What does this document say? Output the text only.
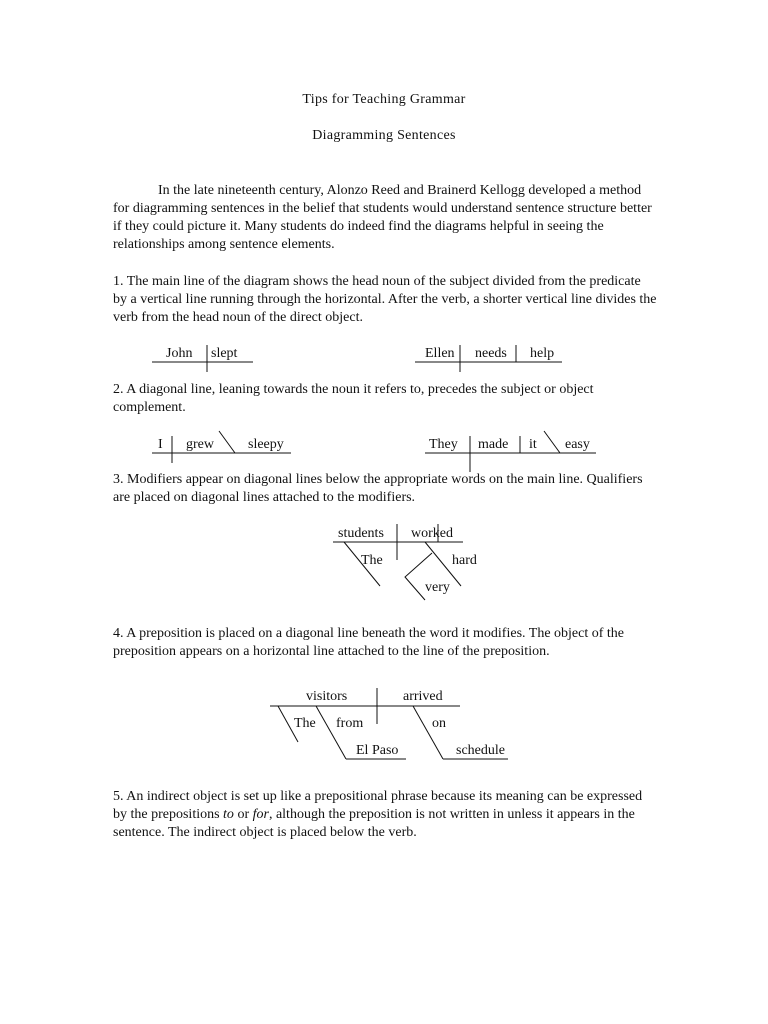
Tips for Teaching Grammar
Diagramming Sentences
In the late nineteenth century, Alonzo Reed and Brainerd Kellogg developed a method for diagramming sentences in the belief that students would understand sentence structure better if they could picture it. Many students do indeed find the diagrams helpful in seeing the relationships among sentence elements.
1. The main line of the diagram shows the head noun of the subject divided from the predicate by a vertical line running through the horizontal. After the verb, a shorter vertical line divides the verb from the head noun of the direct object.
2. A diagonal line, leaning towards the noun it refers to, precedes the subject or object complement.
3. Modifiers appear on diagonal lines below the appropriate words on the main line. Qualifiers are placed on diagonal lines attached to the modifiers.
4. A preposition is placed on a diagonal line beneath the word it modifies. The object of the preposition appears on a horizontal line attached to the line of the preposition.
5. An indirect object is set up like a prepositional phrase because its meaning can be expressed by the prepositions to or for, although the preposition is not written in unless it appears in the sentence. The indirect object is placed below the verb.
John slept	Ellen needs help
I grew sleepy	They made it easy
students worked
The	hard
very
visitors	arrived
The from
El Paso
on
schedule
